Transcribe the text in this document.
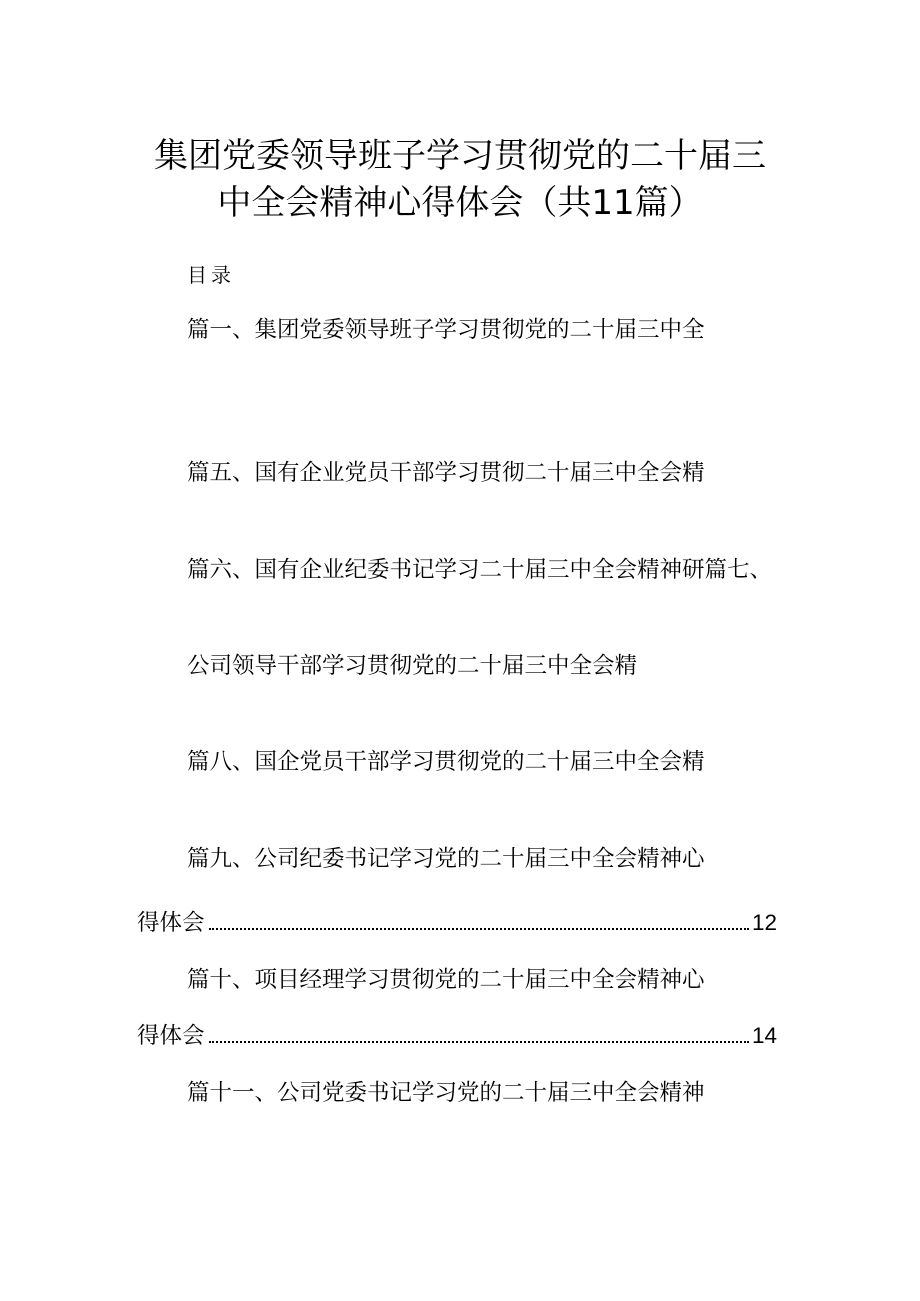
集团党委领导班子学习贯彻党的二十届三
中全会精神心得体会（共11篇）
目录
篇一、集团党委领导班子学习贯彻党的二十届三中全
篇五、国有企业党员干部学习贯彻二十届三中全会精
篇六、国有企业纪委书记学习二十届三中全会精神研篇七、
公司领导干部学习贯彻党的二十届三中全会精
篇八、国企党员干部学习贯彻党的二十届三中全会精
篇九、公司纪委书记学习党的二十届三中全会精神心
得体会	12
篇十、项目经理学习贯彻党的二十届三中全会精神心
得体会	14
篇十一、公司党委书记学习党的二十届三中全会精神
